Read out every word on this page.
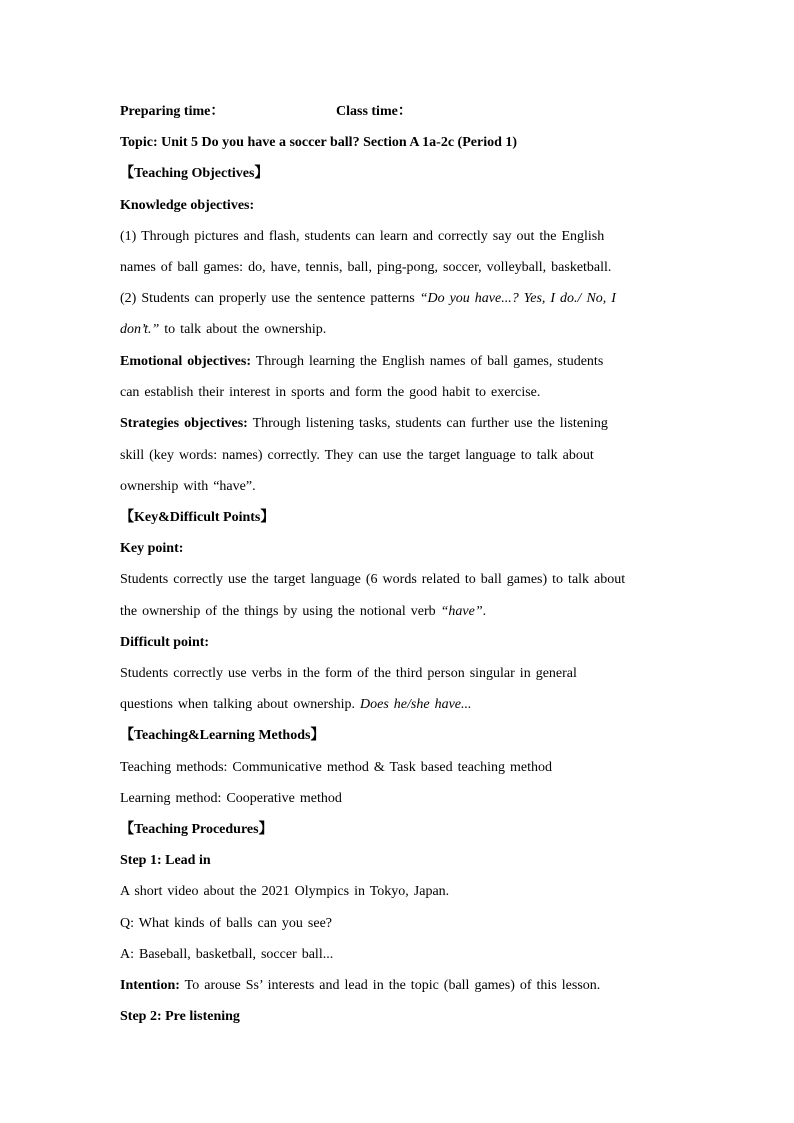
Preparing time：	Class time：
Topic: Unit 5 Do you have a soccer ball? Section A 1a-2c (Period 1)
【Teaching Objectives】
Knowledge objectives:
(1) Through pictures and flash, students can learn and correctly say out the English
names of ball games: do, have, tennis, ball, ping-pong, soccer, volleyball, basketball.
(2) Students can properly use the sentence patterns “Do you have...? Yes, I do./ No, I
don’t.” to talk about the ownership.
Emotional objectives: Through learning the English names of ball games, students
can establish their interest in sports and form the good habit to exercise.
Strategies objectives: Through listening tasks, students can further use the listening
skill (key words: names) correctly. They can use the target language to talk about
ownership with “have”.
【Key&Difficult Points】
Key point:
Students correctly use the target language (6 words related to ball games) to talk about
the ownership of the things by using the notional verb “have”.
Difficult point:
Students correctly use verbs in the form of the third person singular in general
questions when talking about ownership. Does he/she have...
【Teaching&Learning Methods】
Teaching methods: Communicative method & Task based teaching method
Learning method: Cooperative method
【Teaching Procedures】
Step 1: Lead in
A short video about the 2021 Olympics in Tokyo, Japan.
Q: What kinds of balls can you see?
A: Baseball, basketball, soccer ball...
Intention: To arouse Ss’ interests and lead in the topic (ball games) of this lesson.
Step 2: Pre listening
